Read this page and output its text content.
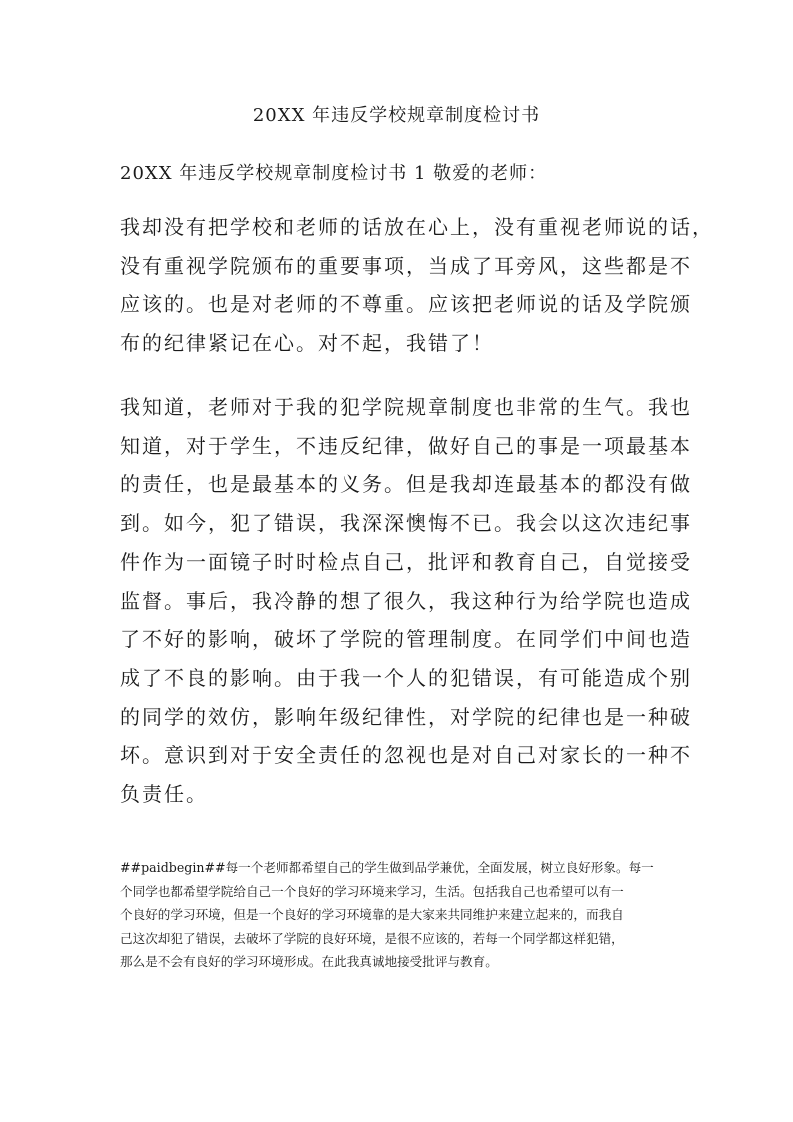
20XX 年违反学校规章制度检讨书

20XX 年违反学校规章制度检讨书 1 敬爱的老师：

我却没有把学校和老师的话放在心上，没有重视老师说的话，
没有重视学院颁布的重要事项，当成了耳旁风，这些都是不
应该的。也是对老师的不尊重。应该把老师说的话及学院颁
布的纪律紧记在心。对不起，我错了！

我知道，老师对于我的犯学院规章制度也非常的生气。我也
知道，对于学生，不违反纪律，做好自己的事是一项最基本
的责任，也是最基本的义务。但是我却连最基本的都没有做
到。如今，犯了错误，我深深懊悔不已。我会以这次违纪事
件作为一面镜子时时检点自己，批评和教育自己，自觉接受
监督。事后，我冷静的想了很久，我这种行为给学院也造成
了不好的影响，破坏了学院的管理制度。在同学们中间也造
成了不良的影响。由于我一个人的犯错误，有可能造成个别
的同学的效仿，影响年级纪律性，对学院的纪律也是一种破
坏。意识到对于安全责任的忽视也是对自己对家长的一种不
负责任。

##paidbegin##每一个老师都希望自己的学生做到品学兼优，全面发展，树立良好形象。每一
个同学也都希望学院给自己一个良好的学习环境来学习，生活。包括我自己也希望可以有一
个良好的学习环境，但是一个良好的学习环境靠的是大家来共同维护来建立起来的，而我自
己这次却犯了错误，去破坏了学院的良好环境，是很不应该的，若每一个同学都这样犯错，
那么是不会有良好的学习环境形成。在此我真诚地接受批评与教育。
